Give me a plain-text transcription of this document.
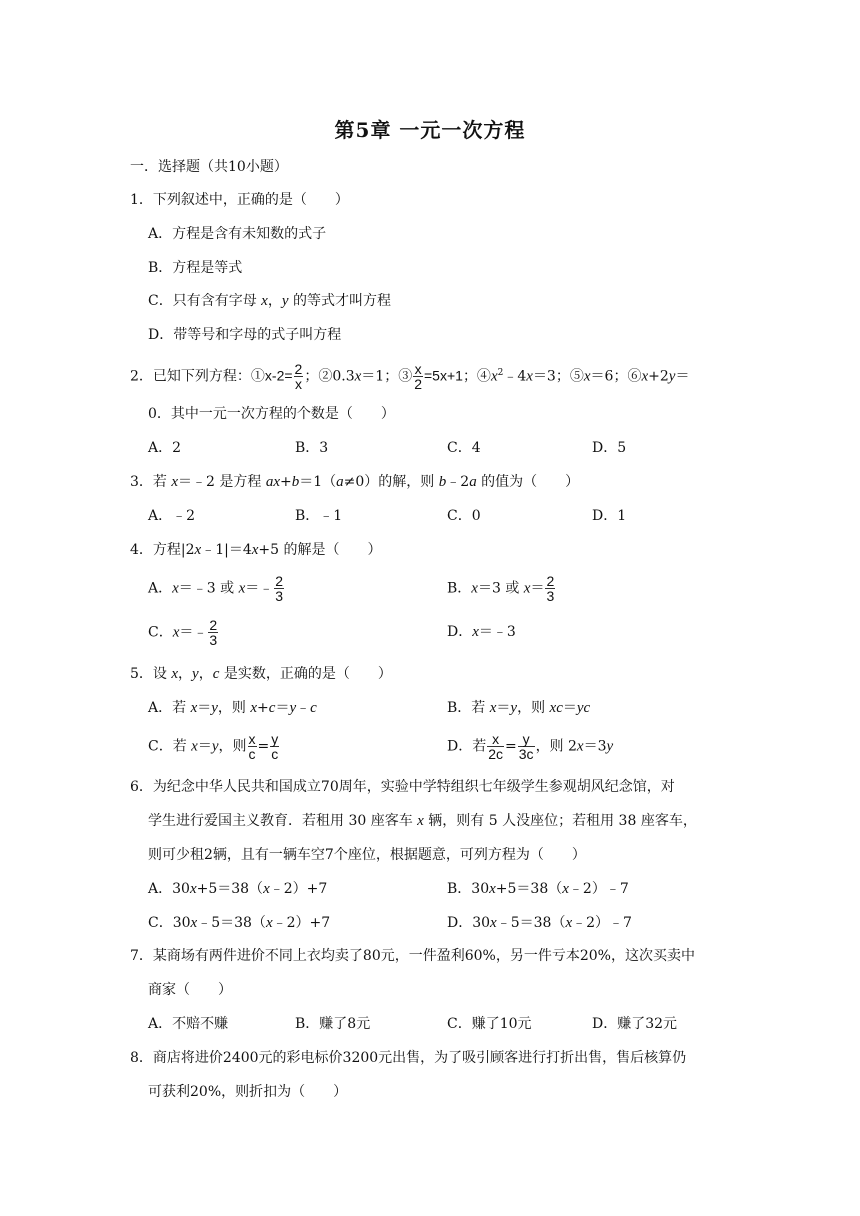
第5章 一元一次方程
一．选择题（共10小题）
1．下列叙述中，正确的是（　　）
A．方程是含有未知数的式子
B．方程是等式
C．只有含有字母 x，y 的等式才叫方程
D．带等号和字母的式子叫方程
2．已知下列方程：①x-2= $\frac{2}{x}$ ；②0.3x＝1；③ $\frac{x}{2} =5x+1$；$④x^2﹣4x=3$；⑤x＝6；⑥x+2y＝
0．其中一元一次方程的个数是（　　）
A．2	B．3	C．4	D．5
3．若 x＝﹣2 是方程 ax+b＝1（a≠0）的解，则 b﹣2a 的值为（　　）
A．﹣2	B．﹣1	C．0	D．1
4．方程|2x﹣1|＝4x+5 的解是（　　）
A．x＝﹣3 或 x＝﹣ $\frac{2}{3}$	B．x＝3 或 $x= \frac{2}{3}$
C．x＝﹣ $\frac{2}{3}$	D．x＝﹣3
5．设 x，y，c 是实数，正确的是（　　）
A．若 x＝y，则 x+c＝y﹣c	B．若 x＝y，则 xc＝yc
C．若 x＝y，则 $\frac{x}{c} = \frac{y}{c}$	D．若 $\frac{x}{2c} = \frac{y}{3c}$ ，则 2x＝3y
6．为纪念中华人民共和国成立70周年，实验中学特组织七年级学生参观胡风纪念馆，对
学生进行爱国主义教育．若租用 30 座客车 x 辆，则有 5 人没座位；若租用 38 座客车，
则可少租2辆，且有一辆车空7个座位，根据题意，可列方程为（　　）
A．30x+5＝38（x﹣2）+7	B．30x+5＝38（x﹣2）﹣7
C．30x﹣5＝38（x﹣2）+7	D．30x﹣5＝38（x﹣2）﹣7
7．某商场有两件进价不同上衣均卖了80元，一件盈利60%，另一件亏本20%，这次买卖中
商家（　　）
A．不赔不赚	B．赚了8元	C．赚了10元	D．赚了32元
8．商店将进价2400元的彩电标价3200元出售，为了吸引顾客进行打折出售，售后核算仍
可获利20%，则折扣为（　　）
